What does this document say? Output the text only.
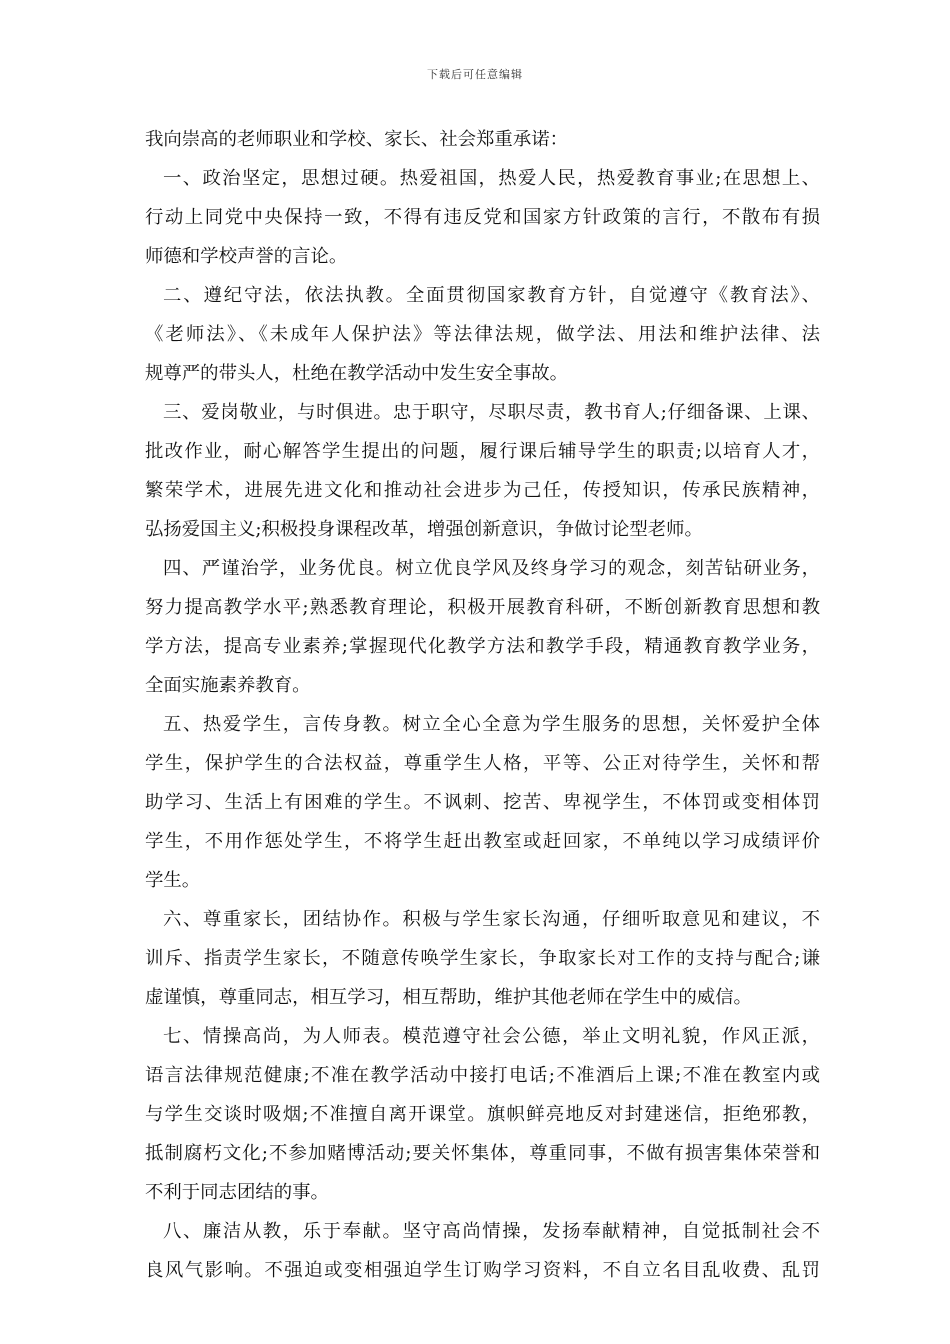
下载后可任意编辑
我向崇高的老师职业和学校、家长、社会郑重承诺：
一、政治坚定，思想过硬。热爱祖国，热爱人民，热爱教育事业;在思想上、
行动上同党中央保持一致，不得有违反党和国家方针政策的言行，不散布有损
师德和学校声誉的言论。
二、遵纪守法，依法执教。全面贯彻国家教育方针，自觉遵守《教育法》、
《老师法》、《未成年人保护法》等法律法规，做学法、用法和维护法律、法
规尊严的带头人，杜绝在教学活动中发生安全事故。
三、爱岗敬业，与时俱进。忠于职守，尽职尽责，教书育人;仔细备课、上课、
批改作业，耐心解答学生提出的问题，履行课后辅导学生的职责;以培育人才，
繁荣学术，进展先进文化和推动社会进步为己任，传授知识，传承民族精神，
弘扬爱国主义;积极投身课程改革，增强创新意识，争做讨论型老师。
四、严谨治学，业务优良。树立优良学风及终身学习的观念，刻苦钻研业务，
努力提高教学水平;熟悉教育理论，积极开展教育科研，不断创新教育思想和教
学方法，提高专业素养;掌握现代化教学方法和教学手段，精通教育教学业务，
全面实施素养教育。
五、热爱学生，言传身教。树立全心全意为学生服务的思想，关怀爱护全体
学生，保护学生的合法权益，尊重学生人格，平等、公正对待学生，关怀和帮
助学习、生活上有困难的学生。不讽刺、挖苦、卑视学生，不体罚或变相体罚
学生，不用作惩处学生，不将学生赶出教室或赶回家，不单纯以学习成绩评价
学生。
六、尊重家长，团结协作。积极与学生家长沟通，仔细听取意见和建议，不
训斥、指责学生家长，不随意传唤学生家长，争取家长对工作的支持与配合;谦
虚谨慎，尊重同志，相互学习，相互帮助，维护其他老师在学生中的威信。
七、情操高尚，为人师表。模范遵守社会公德，举止文明礼貌，作风正派，
语言法律规范健康;不准在教学活动中接打电话;不准酒后上课;不准在教室内或
与学生交谈时吸烟;不准擅自离开课堂。旗帜鲜亮地反对封建迷信，拒绝邪教，
抵制腐朽文化;不参加赌博活动;要关怀集体，尊重同事，不做有损害集体荣誉和
不利于同志团结的事。
八、廉洁从教，乐于奉献。坚守高尚情操，发扬奉献精神，自觉抵制社会不
良风气影响。不强迫或变相强迫学生订购学习资料，不自立名目乱收费、乱罚
